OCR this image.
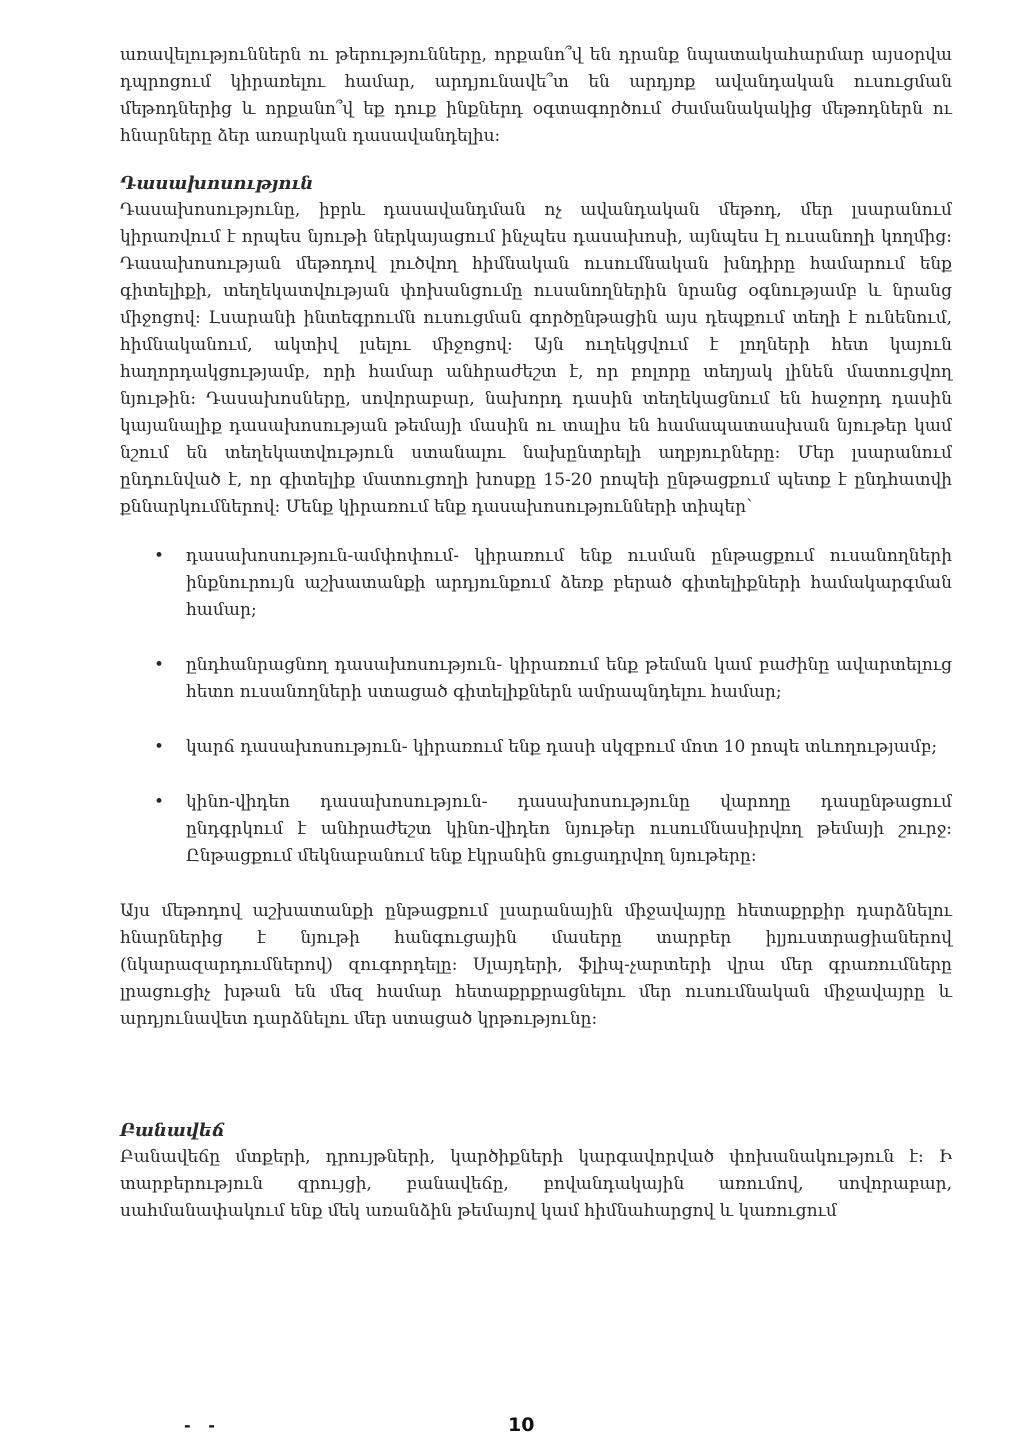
առավելություններն ու թերությունները, որքանո՞վ են դրանք նպատակահարմար այսօրվա դպրոցում կիրառելու համար, արդյունավե՞տ են արդյոք ավանդական ուսուցման մեթոդներից և որքանո՞վ եք դուք ինքներդ օգտագործում ժամանակակից մեթոդներն ու հնարները ձեր առարկան դասավանդելիս:

Դասախոսություն

Դասախոսությունը, իբրև դասավանդման ոչ ավանդական մեթոդ, մեր լսարանում կիրառվում է որպես նյութի ներկայացում ինչպես դասախոսի, այնպես էլ ուսանողի կողմից: Դասախոսության մեթոդով լուծվող հիմնական ուսումնական խնդիրը համարում ենք գիտելիքի, տեղեկատվության փոխանցումը ուսանողներին նրանց օգնությամբ և նրանց միջոցով: Լսարանի ինտեգրումն ուսուցման գործընթացին այս դեպքում տեղի է ունենում, հիմնականում, ակտիվ լսելու միջոցով: Այն ուղեկցվում է լողների հետ կայուն հաղորդակցությամբ, որի համար անհրաժեշտ է, որ բոլորը տեղյակ լինեն մատուցվող նյութին: Դասախոսները, սովորաբար, նախորդ դասին տեղեկացնում են հաջորդ դասին կայանալիք դասախոսության թեմայի մասին ու տալիս են համապատասխան նյութեր կամ նշում են տեղեկատվություն ստանալու նախընտրելի աղբյուրները: Մեր լսարանում ընդունված է, որ գիտելիք մատուցողի խոսքը 15-20 րոպեի ընթացքում պետք է ընդհատվի քննարկումներով: Մենք կիրառում ենք դասախոսությունների տիպեր՝

• դասախոսություն-ամփոփում- կիրառում ենք ուսման ընթացքում ուսանողների ինքնուրույն աշխատանքի արդյունքում ձեռք բերած գիտելիքների համակարգման համար;

• ընդհանրացնող դասախոսություն- կիրառում ենք թեման կամ բաժինը ավարտելուց հետո ուսանողների ստացած գիտելիքներն ամրապնդելու համար;

• կարճ դասախոսություն- կիրառում ենք դասի սկզբում մոտ 10 րոպե տևողությամբ;

• կինո-վիդեո դասախոսություն- դասախոսությունը վարողը դասընթացում ընդգրկում է անհրաժեշտ կինո-վիդեո նյութեր ուսումնասիրվող թեմայի շուրջ: Ընթացքում մեկնաբանում ենք էկրանին ցուցադրվող նյութերը:

Այս մեթոդով աշխատանքի ընթացքում լսարանային միջավայրը հետաքրքիր դարձնելու հնարներից է նյութի հանգուցային մասերը տարբեր իլյուստրացիաներով (նկարազարդումներով) զուգորդելը: Սլայդերի, ֆլիպ-չարտերի վրա մեր գրառումները լրացուցիչ խթան են մեզ համար հետաքրքրացնելու մեր ուսումնական միջավայրը և արդյունավետ դարձնելու մեր ստացած կրթությունը:

Բանավեճ

Բանավեճը մտքերի, դրույթների, կարծիքների կարգավորված փոխանակություն է: Ի տարբերություն զրույցի, բանավեճը, բովանդակային առումով, սովորաբար, սահմանափակում ենք մեկ առանձին թեմայով կամ հիմնահարցով և կառուցում

- -	10
